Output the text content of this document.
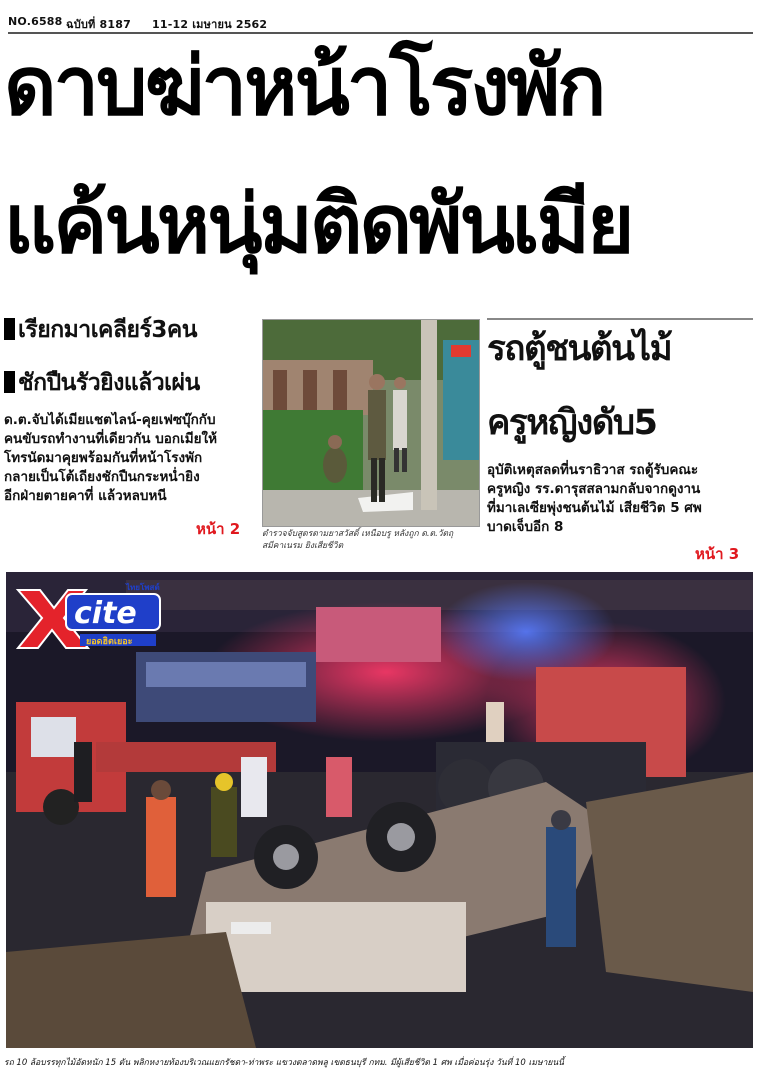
NO.6588 ฉบับที่ 8187 11-12 เมษายน 2562
ดาบฆ่าหน้าโรงพัก
แค้นหนุ่มติดพันเมีย
เรียกมาเคลียร์3คน
ชักปืนรัวยิงแล้วเผ่น
ด.ต.จับได้เมียแชตไลน์-คุยเฟซบุ๊กกับ
คนขับรถทำงานที่เดียวกัน บอกเมียให้
โทรนัดมาคุยพร้อมกันที่หน้าโรงพัก
กลายเป็นโต้เถียงชักปืนกระหน่ำยิง
อีกฝ่ายตายคาที่ แล้วหลบหนี
หน้า 2	ตำรวจจับสูตรตามยาสวัสดิ์ เหนือบรู หลังถูก ด.ต.วัตถุ
สมีคาเนรม ยิงเสียชีวิต
รถตู้ชนต้นไม้
ครูหญิงดับ5
อุบัติเหตุสลดที่นราธิวาส รถตู้รับคณะ
ครูหญิง รร.ดารุสสลามกลับจากดูงาน
ที่มาเลเซียพุ่งชนต้นไม้ เสียชีวิต 5 ศพ
บาดเจ็บอีก 8
หน้า 3
cite
ไทยโพสต์
ยอดฮิตเยอะ
รถ 10 ล้อบรรทุกไม้อัดหนัก 15 ตัน พลิกหงายท้องบริเวณแยกรัชดา-ท่าพระ แขวงตลาดพลู เขตธนบุรี กทม. มีผู้เสียชีวิต 1 ศพ เมื่อค่อนรุ่ง วันที่ 10 เมษายนนี้
